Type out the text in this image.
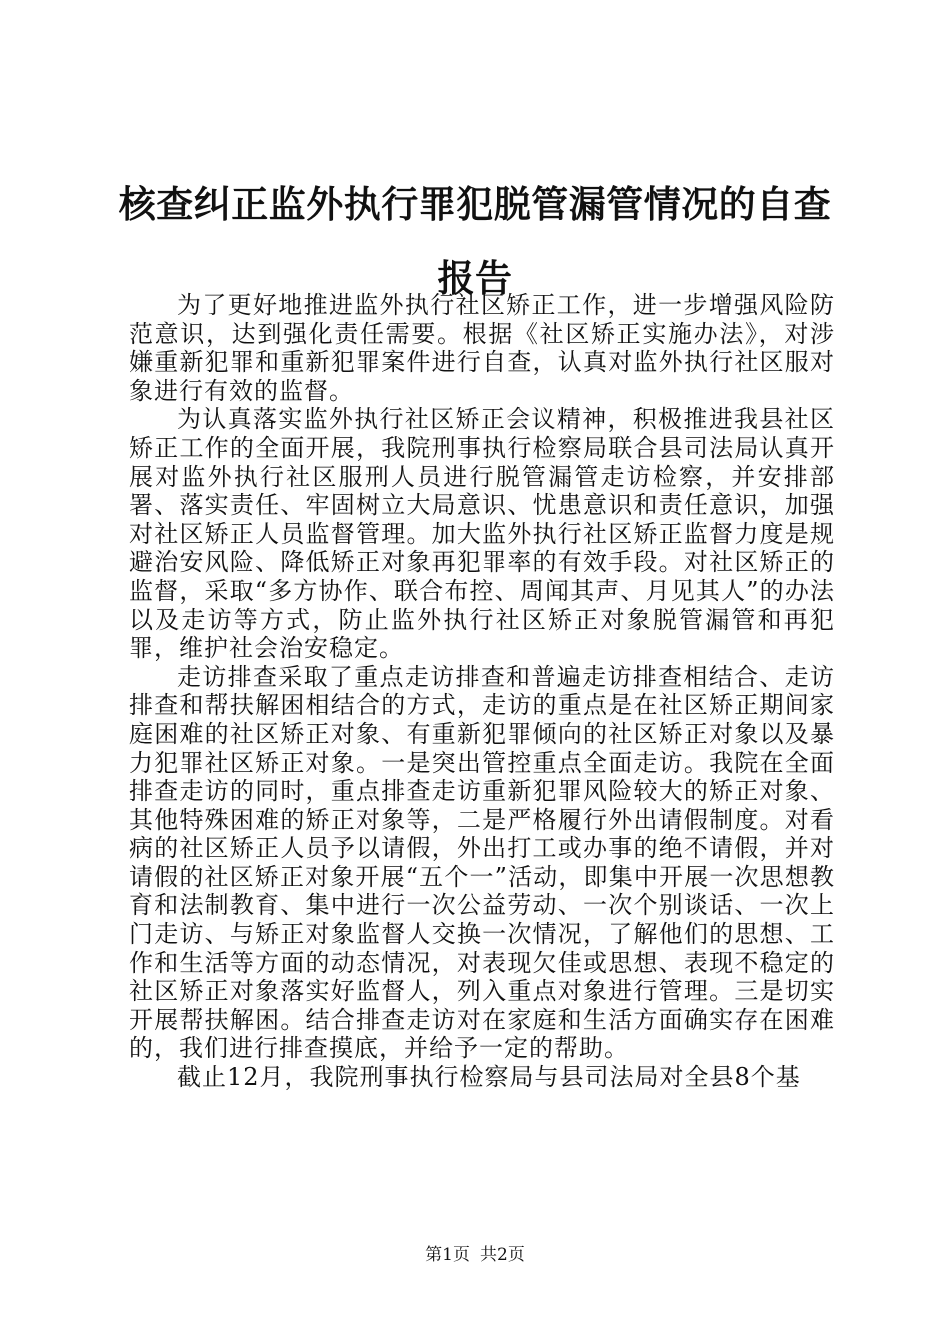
核查纠正监外执行罪犯脱管漏管情况的自查报告

为了更好地推进监外执行社区矫正工作，进一步增强风险防范意识，达到强化责任需要。根据《社区矫正实施办法》，对涉嫌重新犯罪和重新犯罪案件进行自查，认真对监外执行社区服对象进行有效的监督。

为认真落实监外执行社区矫正会议精神，积极推进我县社区矫正工作的全面开展，我院刑事执行检察局联合县司法局认真开展对监外执行社区服刑人员进行脱管漏管走访检察，并安排部署、落实责任、牢固树立大局意识、忧患意识和责任意识，加强对社区矫正人员监督管理。加大监外执行社区矫正监督力度是规避治安风险、降低矫正对象再犯罪率的有效手段。对社区矫正的监督，采取“多方协作、联合布控、周闻其声、月见其人”的办法以及走访等方式，防止监外执行社区矫正对象脱管漏管和再犯罪，维护社会治安稳定。

走访排查采取了重点走访排查和普遍走访排查相结合、走访排查和帮扶解困相结合的方式，走访的重点是在社区矫正期间家庭困难的社区矫正对象、有重新犯罪倾向的社区矫正对象以及暴力犯罪社区矫正对象。一是突出管控重点全面走访。我院在全面排查走访的同时，重点排查走访重新犯罪风险较大的矫正对象、其他特殊困难的矫正对象等，二是严格履行外出请假制度。对看病的社区矫正人员予以请假，外出打工或办事的绝不请假，并对请假的社区矫正对象开展“五个一”活动，即集中开展一次思想教育和法制教育、集中进行一次公益劳动、一次个别谈话、一次上门走访、与矫正对象监督人交换一次情况，了解他们的思想、工作和生活等方面的动态情况，对表现欠佳或思想、表现不稳定的社区矫正对象落实好监督人，列入重点对象进行管理。三是切实开展帮扶解困。结合排查走访对在家庭和生活方面确实存在困难的，我们进行排查摸底，并给予一定的帮助。

截止12月，我院刑事执行检察局与县司法局对全县8个基

第1页 共2页
